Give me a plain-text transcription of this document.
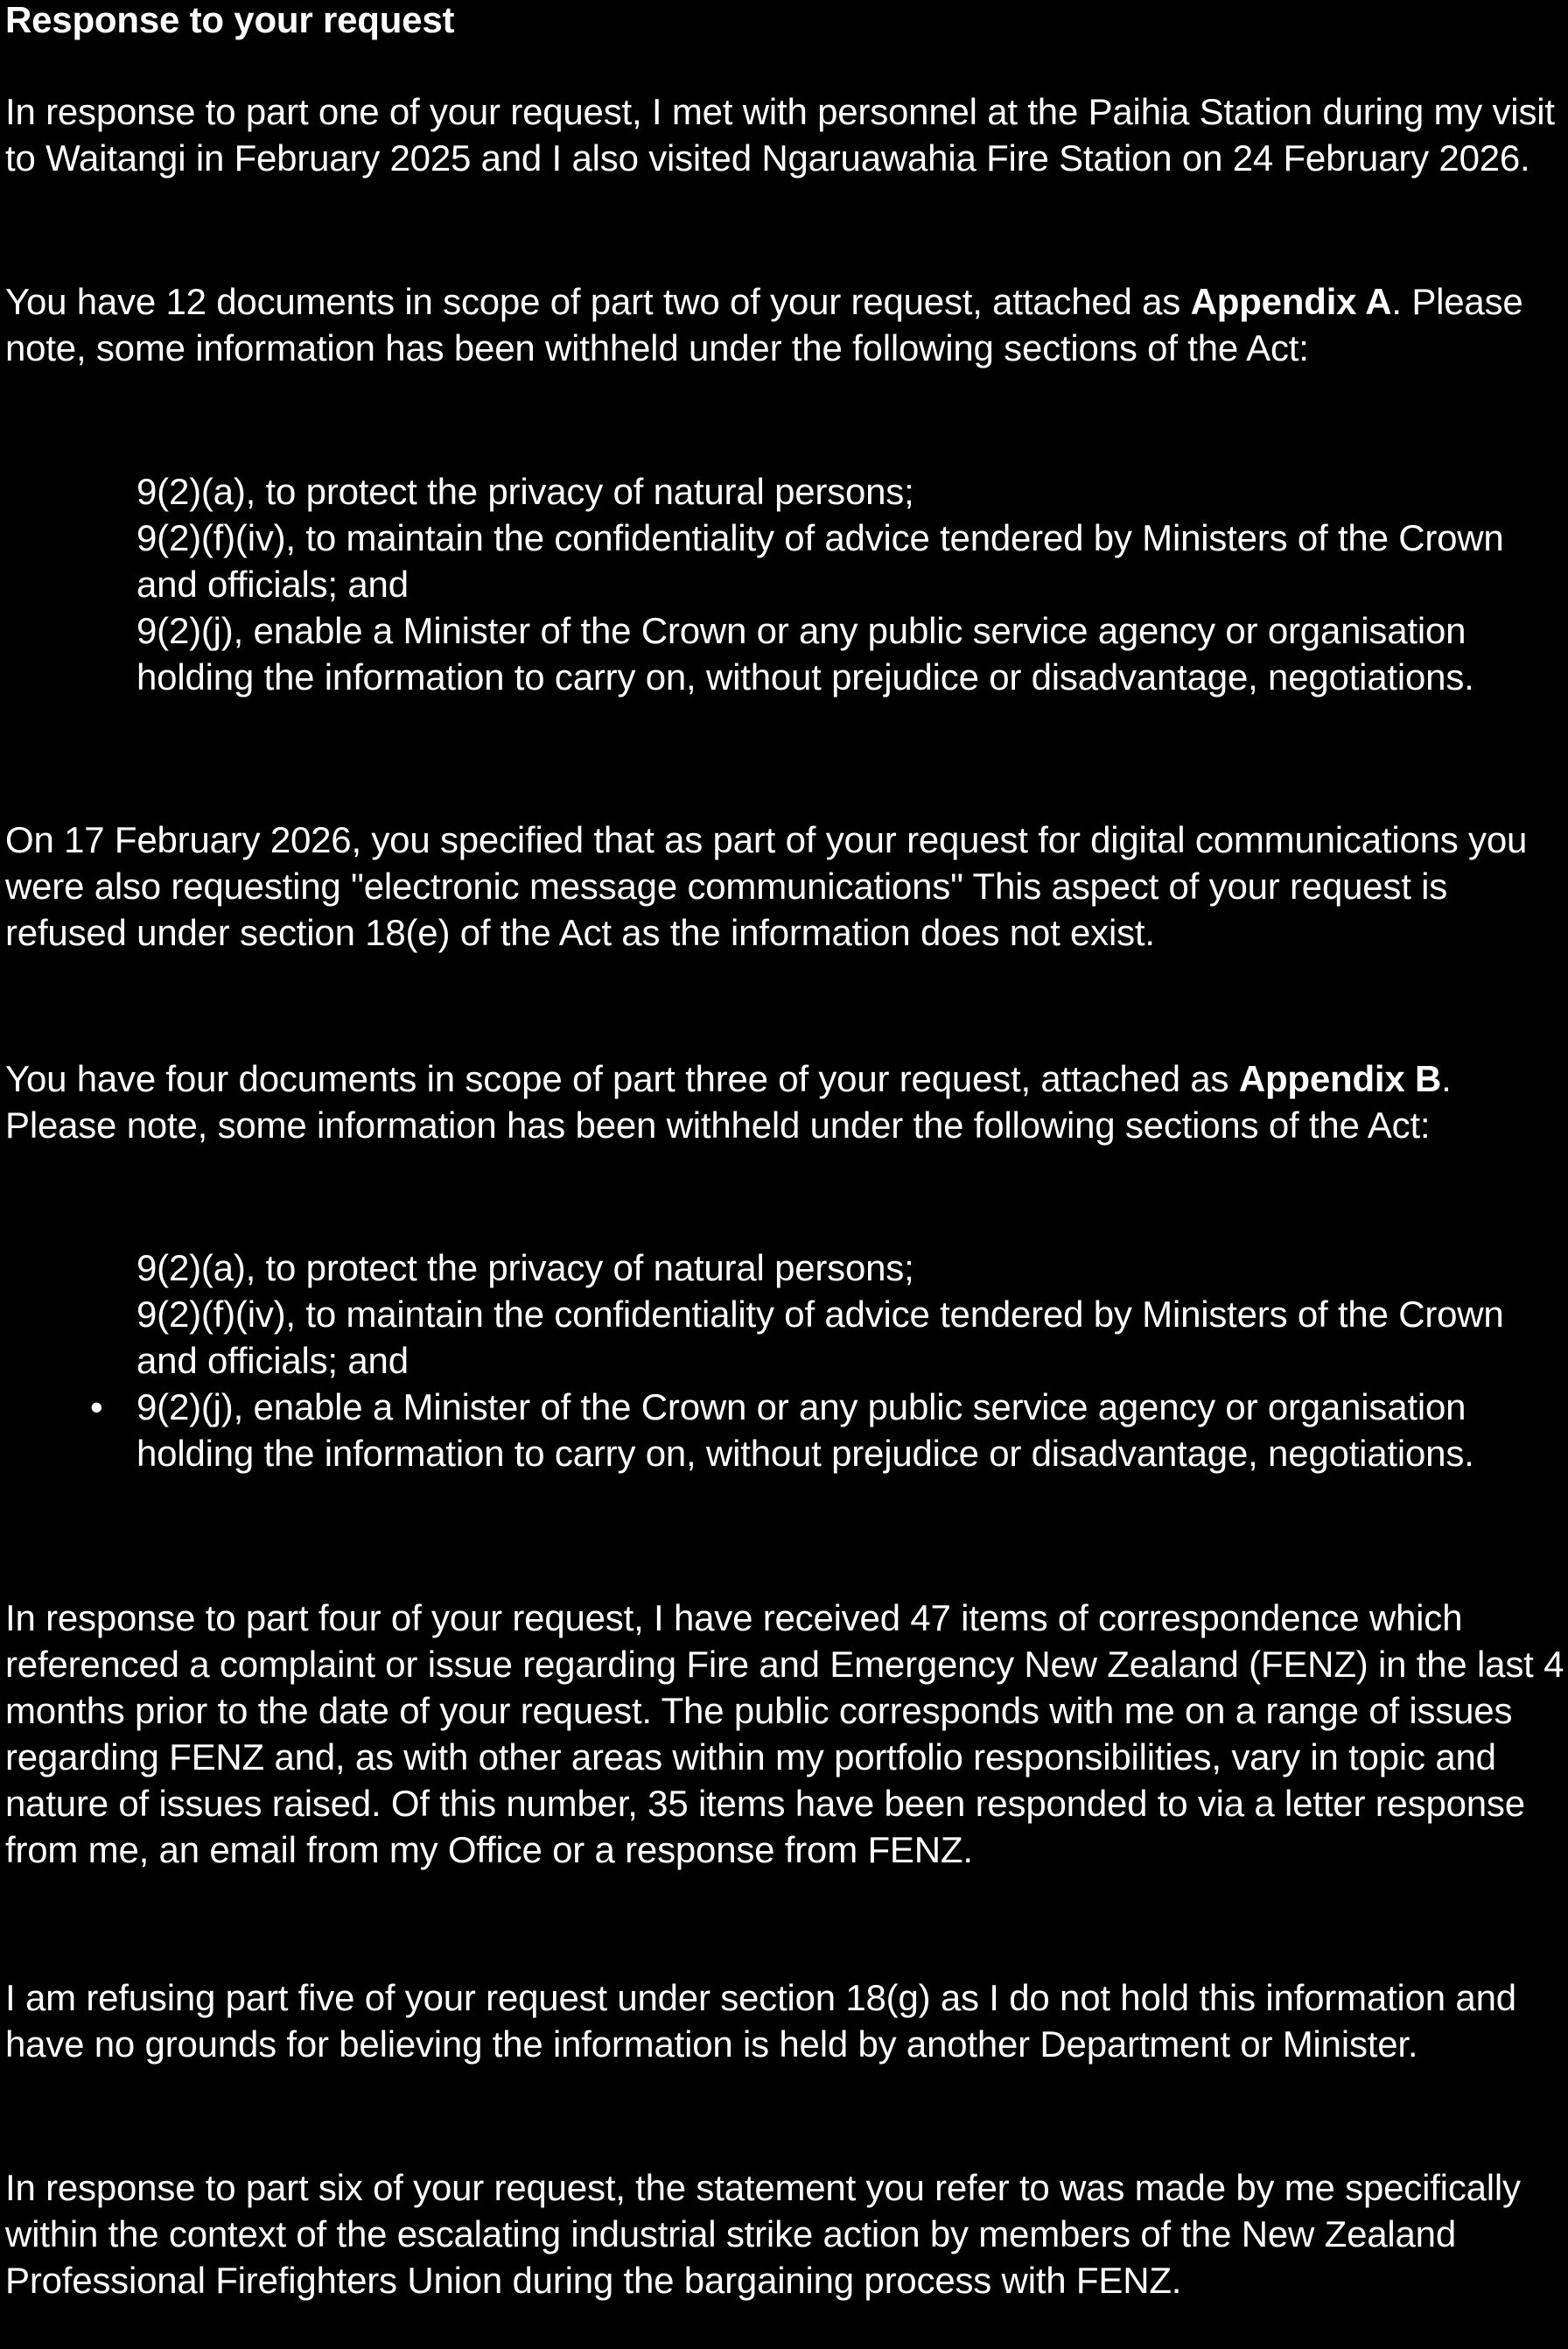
Response to your request

In response to part one of your request, I met with personnel at the Paihia Station during my visit to Waitangi in February 2025 and I also visited Ngaruawahia Fire Station on 24 February 2026.

You have 12 documents in scope of part two of your request, attached as Appendix A. Please note, some information has been withheld under the following sections of the Act:

9(2)(a), to protect the privacy of natural persons;
9(2)(f)(iv), to maintain the confidentiality of advice tendered by Ministers of the Crown and officials; and
9(2)(j), enable a Minister of the Crown or any public service agency or organisation holding the information to carry on, without prejudice or disadvantage, negotiations.

On 17 February 2026, you specified that as part of your request for digital communications you were also requesting "electronic message communications" This aspect of your request is refused under section 18(e) of the Act as the information does not exist.

You have four documents in scope of part three of your request, attached as Appendix B. Please note, some information has been withheld under the following sections of the Act:

9(2)(a), to protect the privacy of natural persons;
9(2)(f)(iv), to maintain the confidentiality of advice tendered by Ministers of the Crown and officials; and
• 9(2)(j), enable a Minister of the Crown or any public service agency or organisation holding the information to carry on, without prejudice or disadvantage, negotiations.

In response to part four of your request, I have received 47 items of correspondence which referenced a complaint or issue regarding Fire and Emergency New Zealand (FENZ) in the last 4 months prior to the date of your request. The public corresponds with me on a range of issues regarding FENZ and, as with other areas within my portfolio responsibilities, vary in topic and nature of issues raised. Of this number, 35 items have been responded to via a letter response from me, an email from my Office or a response from FENZ.

I am refusing part five of your request under section 18(g) as I do not hold this information and have no grounds for believing the information is held by another Department or Minister.

In response to part six of your request, the statement you refer to was made by me specifically within the context of the escalating industrial strike action by members of the New Zealand Professional Firefighters Union during the bargaining process with FENZ.
